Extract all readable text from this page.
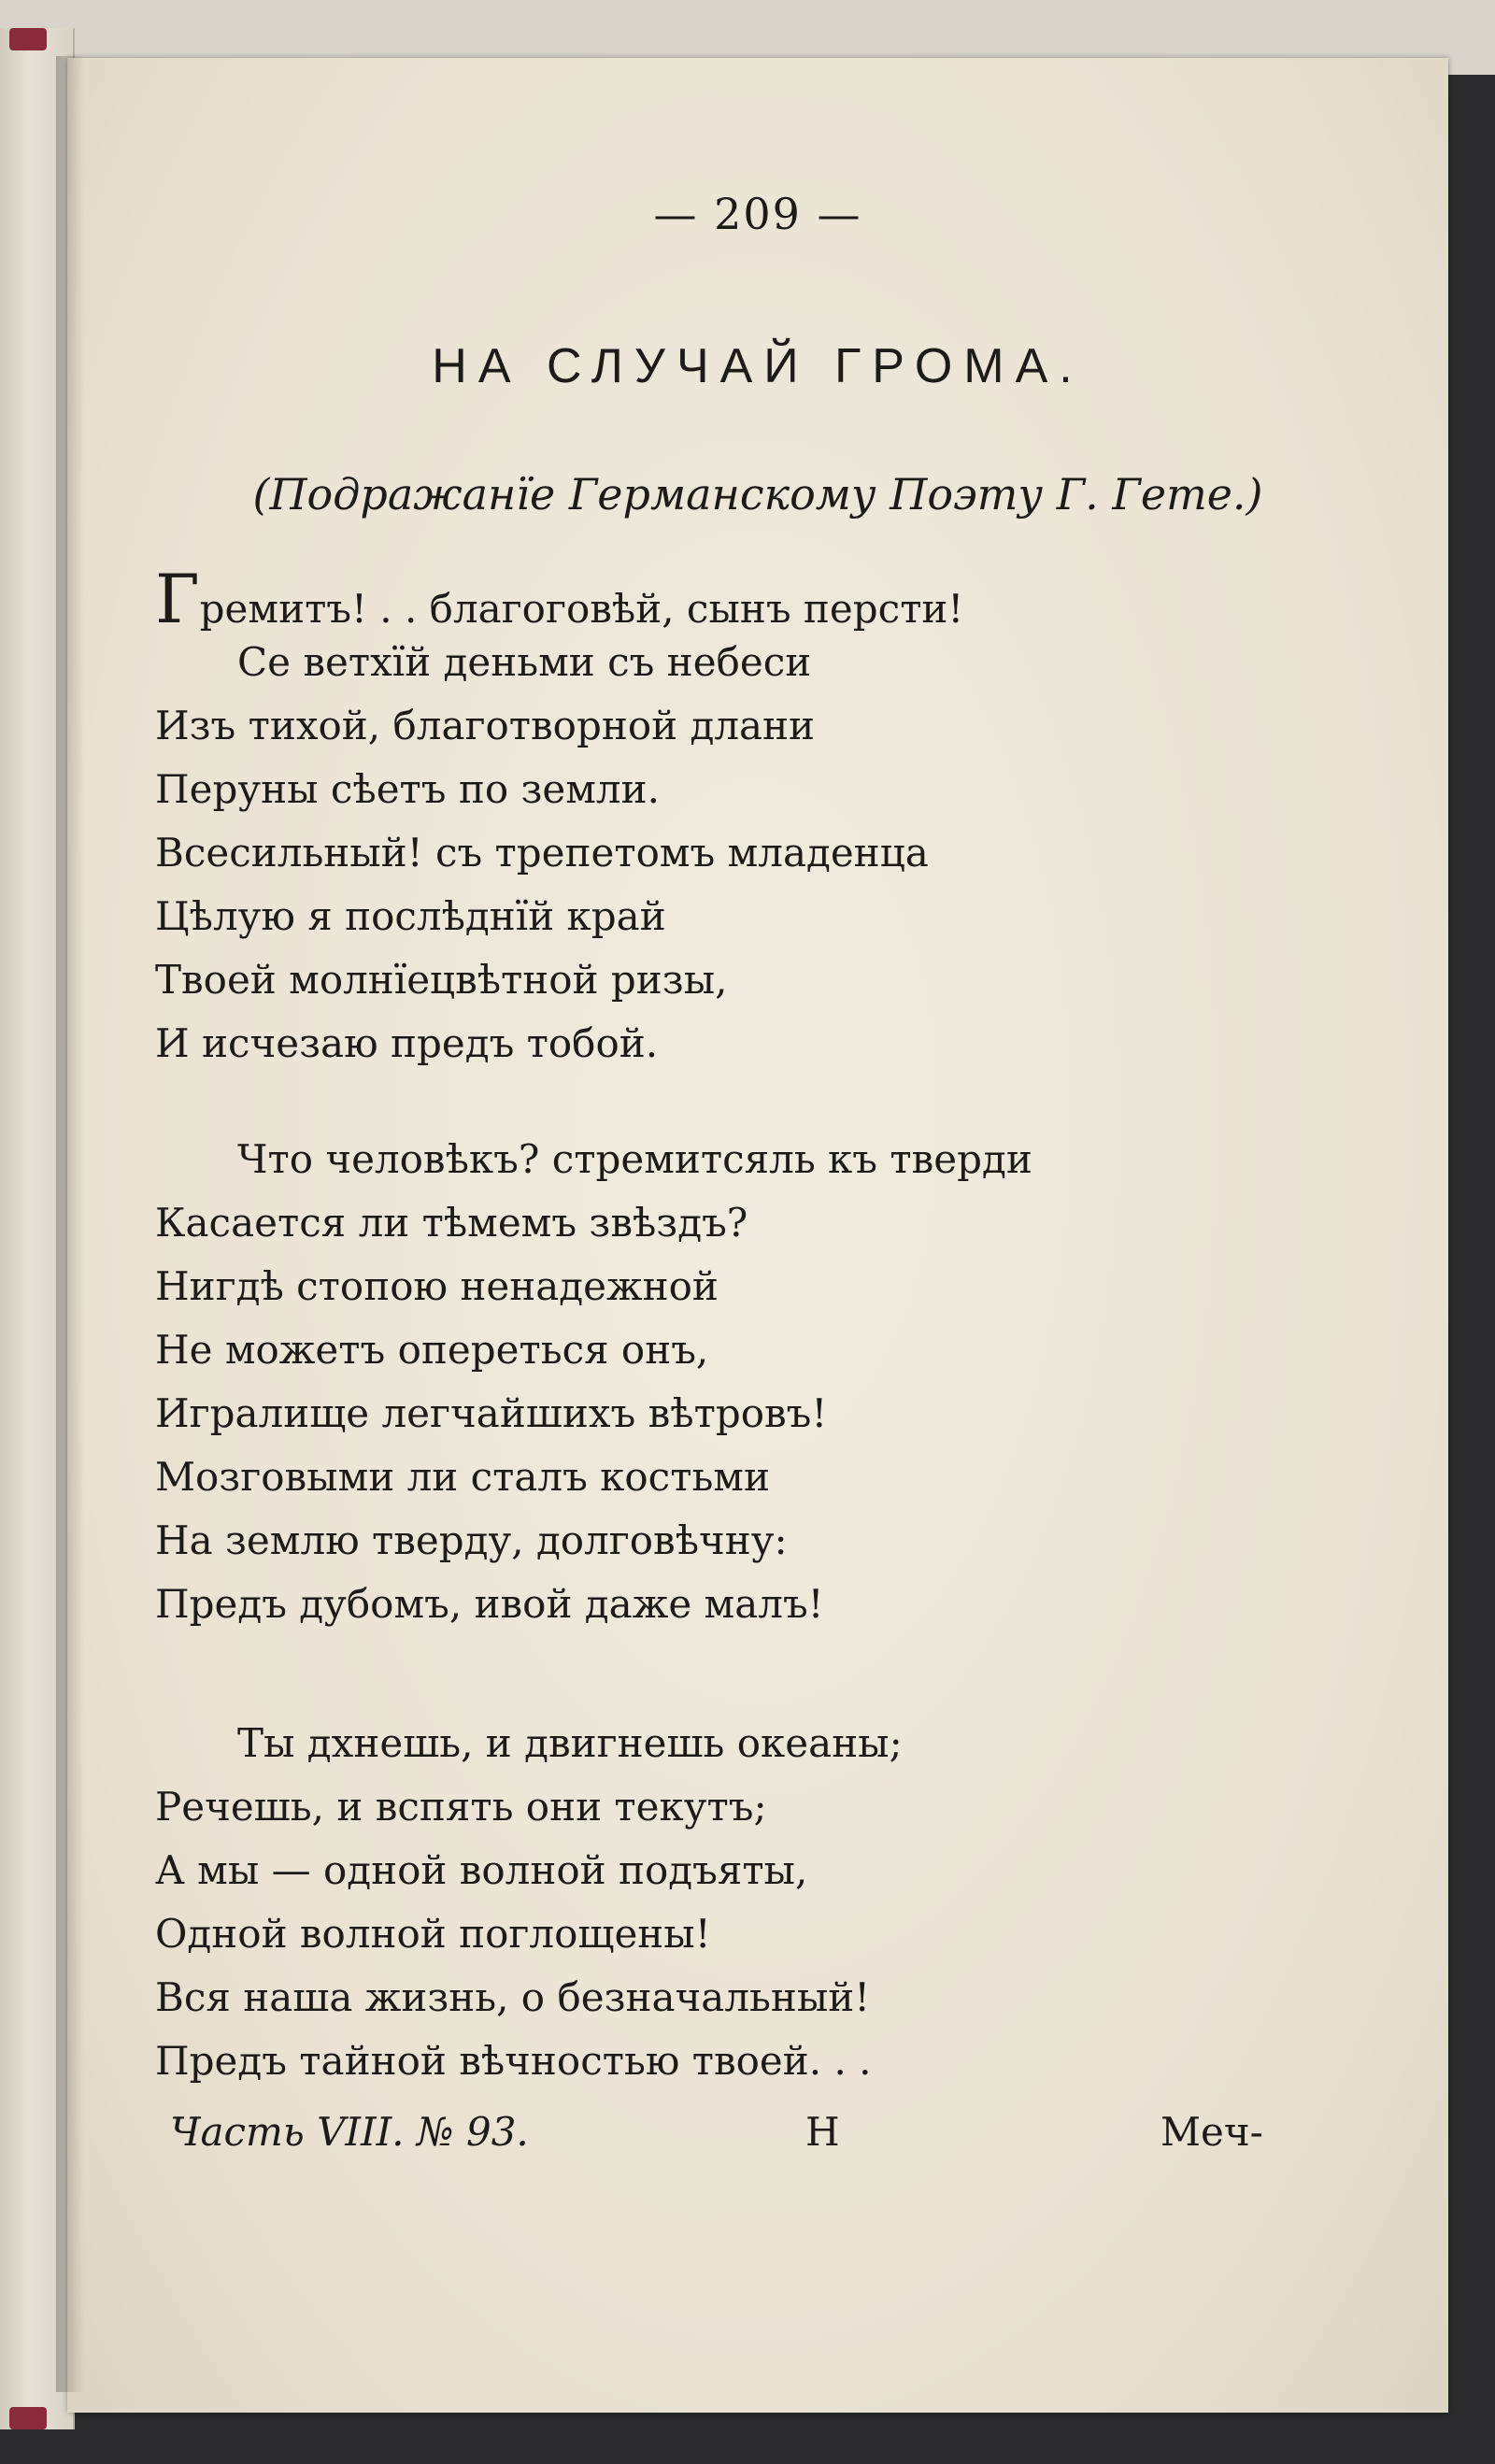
— 209 —
НА СЛУЧАЙ ГРОМА.
(Подражанїе Германскому Поэту Г. Гете.)
Гремитъ! . . благоговѣй, сынъ персти!
Се ветхїй деньми съ небеси
Изъ тихой, благотворной длани
Перуны сѣетъ по земли.
Всесильный! съ трепетомъ младенца
Цѣлую я послѣднїй край
Твоей молнїецвѣтной ризы,
И исчезаю предъ тобой.
Что человѣкъ? стремитсяль къ тверди
Касается ли тѣмемъ звѣздъ?
Нигдѣ стопою ненадежной
Не можетъ опереться онъ,
Игралище легчайшихъ вѣтровъ!
Мозговыми ли сталъ костьми
На землю тверду, долговѣчну:
Предъ дубомъ, ивой даже малъ!
Ты дхнешь, и двигнешь океаны;
Речешь, и вспять они текутъ;
А мы — одной волной подъяты,
Одной волной поглощены!
Вся наша жизнь, о безначальный!
Предъ тайной вѣчностью твоей. . .
Часть VIII. № 93.	Н	Меч-
